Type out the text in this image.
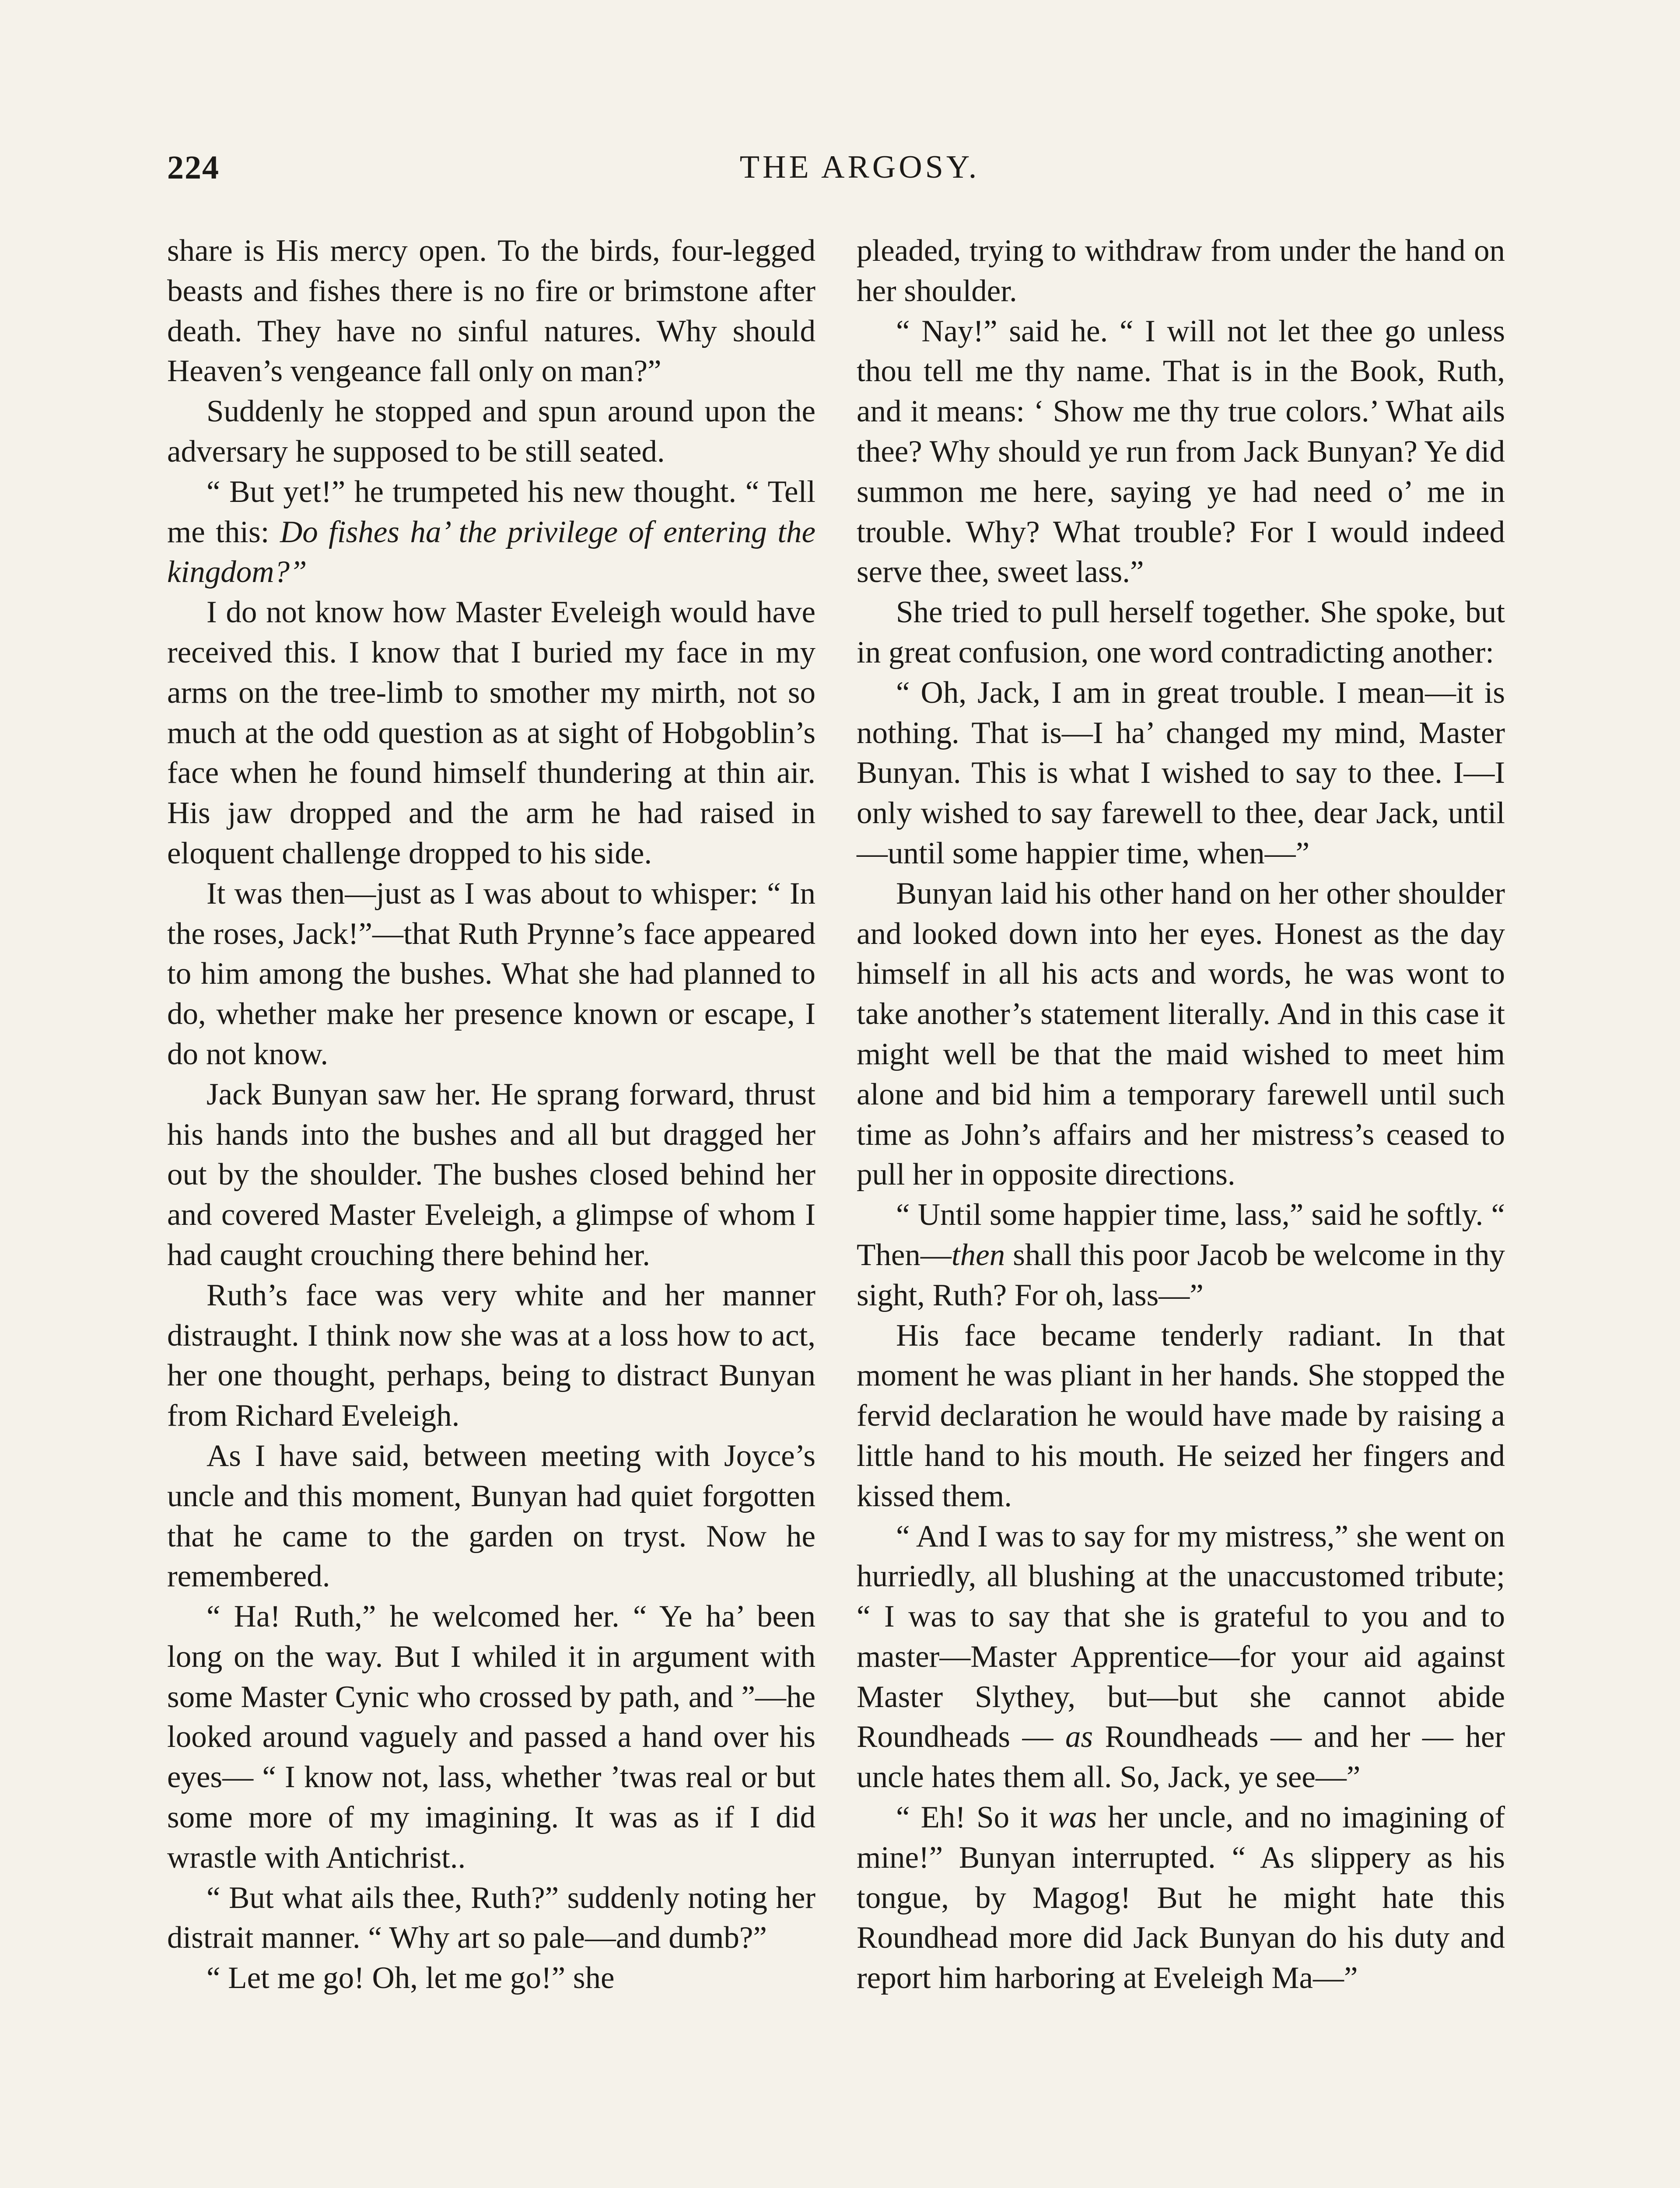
224	THE ARGOSY.

share is His mercy open. To the birds, four-legged beasts and fishes there is no fire or brimstone after death. They have no sinful natures. Why should Heaven’s vengeance fall only on man?”

Suddenly he stopped and spun around upon the adversary he supposed to be still seated.

“ But yet!” he trumpeted his new thought. “ Tell me this: Do fishes ha’ the privilege of entering the kingdom?”

I do not know how Master Eveleigh would have received this. I know that I buried my face in my arms on the tree-limb to smother my mirth, not so much at the odd question as at sight of Hobgoblin’s face when he found himself thundering at thin air. His jaw dropped and the arm he had raised in eloquent challenge dropped to his side.

It was then—just as I was about to whisper: “ In the roses, Jack!”—that Ruth Prynne’s face appeared to him among the bushes. What she had planned to do, whether make her presence known or escape, I do not know.

Jack Bunyan saw her. He sprang forward, thrust his hands into the bushes and all but dragged her out by the shoulder. The bushes closed behind her and covered Master Eveleigh, a glimpse of whom I had caught crouching there behind her.

Ruth’s face was very white and her manner distraught. I think now she was at a loss how to act, her one thought, perhaps, being to distract Bunyan from Richard Eveleigh.

As I have said, between meeting with Joyce’s uncle and this moment, Bunyan had quiet forgotten that he came to the garden on tryst. Now he remembered.

“ Ha! Ruth,” he welcomed her. “ Ye ha’ been long on the way. But I whiled it in argument with some Master Cynic who crossed by path, and ”—he looked around vaguely and passed a hand over his eyes— “ I know not, lass, whether ’twas real or but some more of my imagining. It was as if I did wrastle with Antichrist..

“ But what ails thee, Ruth?” suddenly noting her distrait manner. “ Why art so pale—and dumb?”

“ Let me go! Oh, let me go!” she

pleaded, trying to withdraw from under the hand on her shoulder.

“ Nay!” said he. “ I will not let thee go unless thou tell me thy name. That is in the Book, Ruth, and it means: ‘ Show me thy true colors.’ What ails thee? Why should ye run from Jack Bunyan? Ye did summon me here, saying ye had need o’ me in trouble. Why? What trouble? For I would indeed serve thee, sweet lass.”

She tried to pull herself together. She spoke, but in great confusion, one word contradicting another:

“ Oh, Jack, I am in great trouble. I mean—it is nothing. That is—I ha’ changed my mind, Master Bunyan. This is what I wished to say to thee. I—I only wished to say farewell to thee, dear Jack, until—until some happier time, when—”

Bunyan laid his other hand on her other shoulder and looked down into her eyes. Honest as the day himself in all his acts and words, he was wont to take another’s statement literally. And in this case it might well be that the maid wished to meet him alone and bid him a temporary farewell until such time as John’s affairs and her mistress’s ceased to pull her in opposite directions.

“ Until some happier time, lass,” said he softly. “ Then—then shall this poor Jacob be welcome in thy sight, Ruth? For oh, lass—”

His face became tenderly radiant. In that moment he was pliant in her hands. She stopped the fervid declaration he would have made by raising a little hand to his mouth. He seized her fingers and kissed them.

“ And I was to say for my mistress,” she went on hurriedly, all blushing at the unaccustomed tribute; “ I was to say that she is grateful to you and to master—Master Apprentice—for your aid against Master Slythey, but—but she cannot abide Roundheads — as Roundheads — and her — her uncle hates them all. So, Jack, ye see—”

“ Eh! So it was her uncle, and no imagining of mine!” Bunyan interrupted. “ As slippery as his tongue, by Magog! But he might hate this Roundhead more did Jack Bunyan do his duty and report him harboring at Eveleigh Ma—”
